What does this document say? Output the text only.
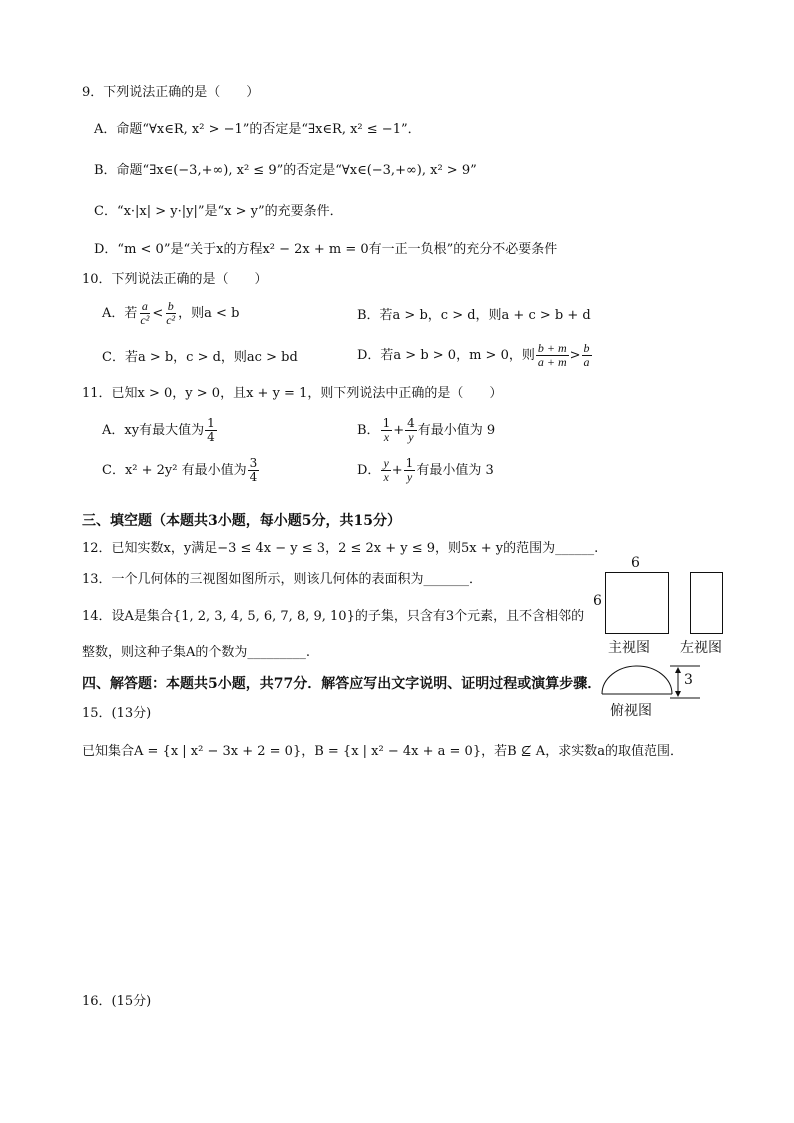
9．下列说法正确的是（　　）
A．命题“∀x∈R, x² > −1”的否定是“∃x∈R, x² ≤ −1”．
B．命题“∃x∈(−3,+∞), x² ≤ 9”的否定是“∀x∈(−3,+∞), x² > 9”
C．“x·|x| > y·|y|”是“x > y”的充要条件．
D．“m < 0”是“关于x的方程x² − 2x + m = 0有一正一负根”的充分不必要条件
10．下列说法正确的是（　　）
A．若 $\frac{a}{\text{c²}} < \frac{b}{\text{c²}}$ ，则a < b	B．若a > b，c > d，则a + c > b + d
C．若a > b，c > d，则ac > bd	D．若a > b > 0，m > 0，则 $\frac{b + m}{a + m} > \frac{b}{a}$
11．已知x > 0，y > 0，且x + y = 1，则下列说法中正确的是（　　）
A．xy有最大值为 $\frac{1}{4}$	B． $\frac{1}{x} + \frac{4}{y}$ 有最小值为 9
C．x² + 2y² 有最小值为 $\frac{3}{4}$	D． $\frac{y}{x} + \frac{1}{y}$ 有最小值为 3
三、填空题（本题共3小题，每小题5分，共15分）
12．已知实数x，y满足−3 ≤ 4x − y ≤ 3，2 ≤ 2x + y ≤ 9，则5x + y的范围为______.
13．一个几何体的三视图如图所示，则该几何体的表面积为_______．
14．设A是集合{1, 2, 3, 4, 5, 6, 7, 8, 9, 10}的子集，只含有3个元素，且不含相邻的
整数，则这种子集A的个数为_________.
6
6
主视图 左视图
3
俯视图
四、解答题：本题共5小题，共77分．解答应写出文字说明、证明过程或演算步骤．
15．(13分)
已知集合A = {x | x² − 3x + 2 = 0}，B = {x | x² − 4x + a = 0}，若B ⊈ A，求实数a的取值范围．
16．(15分)
